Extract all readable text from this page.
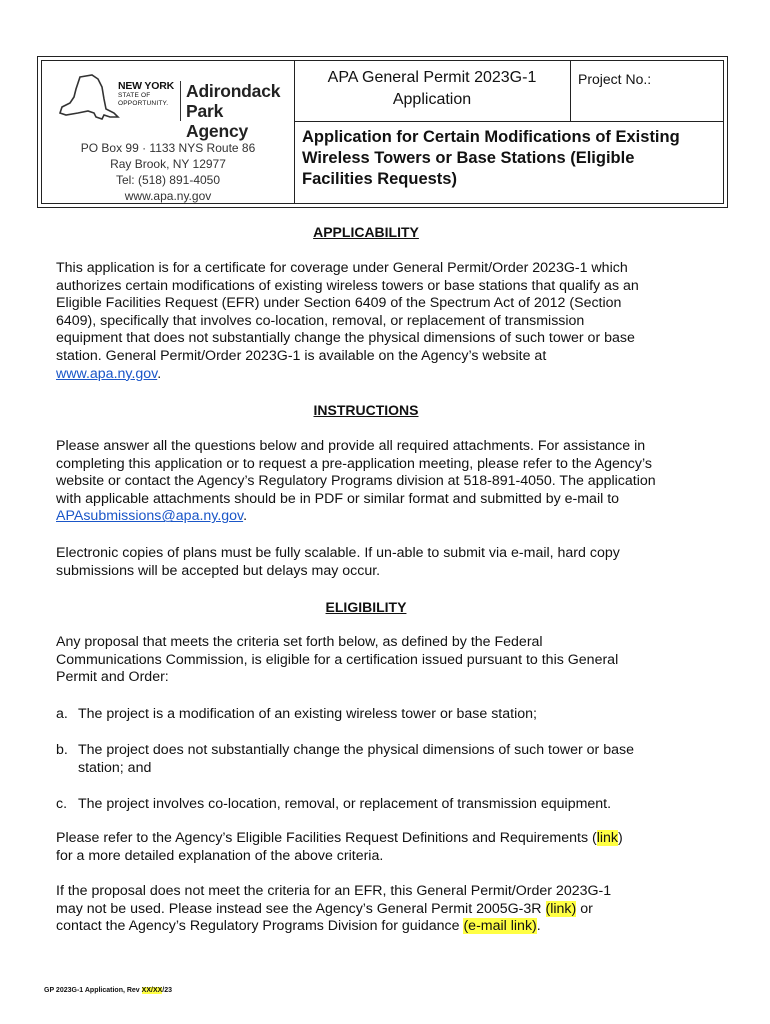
NEW YORK
STATE OF
OPPORTUNITY.
Adirondack
Park Agency
PO Box 99 · 1133 NYS Route 86
Ray Brook, NY 12977
Tel: (518) 891-4050
www.apa.ny.gov
APA General Permit 2023G-1
Application
Project No.:
Application for Certain Modifications of Existing
Wireless Towers or Base Stations (Eligible
Facilities Requests)
APPLICABILITY
This application is for a certificate for coverage under General Permit/Order 2023G-1 which
authorizes certain modifications of existing wireless towers or base stations that qualify as an
Eligible Facilities Request (EFR) under Section 6409 of the Spectrum Act of 2012 (Section
6409), specifically that involves co-location, removal, or replacement of transmission
equipment that does not substantially change the physical dimensions of such tower or base
station. General Permit/Order 2023G-1 is available on the Agency’s website at
www.apa.ny.gov.
INSTRUCTIONS
Please answer all the questions below and provide all required attachments. For assistance in
completing this application or to request a pre-application meeting, please refer to the Agency’s
website or contact the Agency’s Regulatory Programs division at 518-891-4050. The application
with applicable attachments should be in PDF or similar format and submitted by e-mail to
APAsubmissions@apa.ny.gov.
Electronic copies of plans must be fully scalable. If un-able to submit via e-mail, hard copy
submissions will be accepted but delays may occur.
ELIGIBILITY
Any proposal that meets the criteria set forth below, as defined by the Federal
Communications Commission, is eligible for a certification issued pursuant to this General
Permit and Order:
a. The project is a modification of an existing wireless tower or base station;
b. The project does not substantially change the physical dimensions of such tower or base
station; and
c. The project involves co-location, removal, or replacement of transmission equipment.
Please refer to the Agency’s Eligible Facilities Request Definitions and Requirements (link)
for a more detailed explanation of the above criteria.
If the proposal does not meet the criteria for an EFR, this General Permit/Order 2023G-1
may not be used. Please instead see the Agency’s General Permit 2005G-3R (link) or
contact the Agency’s Regulatory Programs Division for guidance (e-mail link).
GP 2023G-1 Application, Rev XX/XX/23
